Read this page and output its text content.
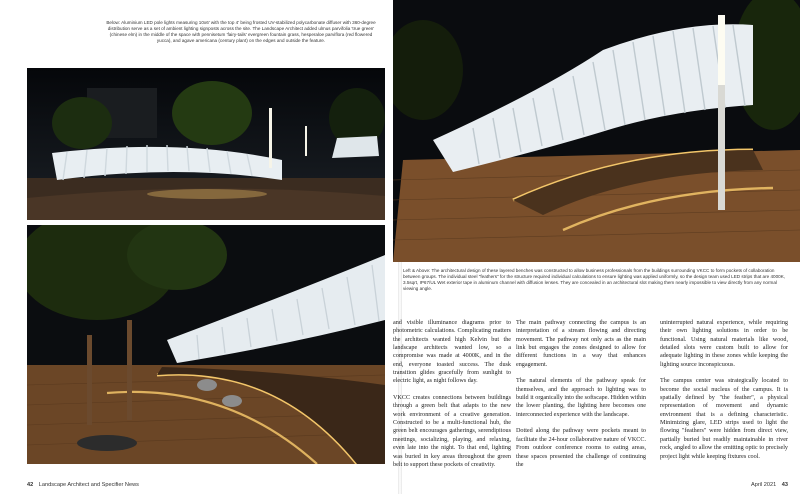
Below: Aluminium LED pole lights measuring 10x6' with the top 4' being frosted UV-stabilized polycarbonate diffuser with 360-degree distribution serve as a set of ambient lighting signposts across the site. The Landscape Architect added ulmus parvifolia 'true green' (chinese elm) in the middle of the space with pennisetum 'fairy-tails' evergreen fountain grass, hesperaloe parviflora (red flowered yucca), and agave americana (century plant) on the edges and outside the feature.
42 Landscape Architect and Specifier News
Left & Above: The architectural design of these layered benches was constructed to allow business professionals from the buildings surrounding VKCC to form pockets of collaboration between groups. The individual steel "feathers" for the structure required individual calculations to ensure lighting was applied uniformly, so the design team used LED strips that are 4000K, 3.5sqrt, IP67/UL Wet exterior tape in aluminum channel with diffusion lenses. They are concealed in an architectural slot making them nearly impossible to view directly from any normal viewing angle.
The main pathway connecting the campus is an interpretation of a stream flowing and directing movement. The pathway not only acts as the main link but engages the zones designed to allow for different functions in a way that enhances engagement.

The natural elements of the pathway speak for themselves, and the approach to lighting was to build it organically into the softscape. Hidden within the lower planting, the lighting here becomes one interconnected experience with the landscape.

Dotted along the pathway were pockets meant to facilitate the 24-hour collaborative nature of VKCC. From outdoor conference rooms to eating areas, these spaces presented the challenge of continuing the
uninterrupted natural experience, while requiring their own lighting solutions in order to be functional. Using natural materials like wood, detailed slots were custom built to allow for adequate lighting in these zones while keeping the lighting source inconspicuous.

The campus center was strategically located to become the social nucleus of the campus. It is spatially defined by "the feather", a physical representation of movement and dynamic environment that is a defining characteristic. Minimizing glare, LED strips used to light the flowing "feathers" were hidden from direct view, partially buried but readily maintainable in river rock, angled to allow the emitting optic to precisely project light while keeping fixtures cool.
April 2021 43
and visible illuminance diagrams prior to photometric calculations. Complicating matters the architects wanted high Kelvin but the landscape architects wanted low, so a compromise was made at 4000K, and in the end, everyone toasted success. The dusk transition glides gracefully from sunlight to electric light, as night follows day.

VKCC creates connections between buildings through a green belt that adapts to the new work environment of a creative generation. Constructed to be a multi-functional hub, the green belt encourages gatherings, serendipitous meetings, socializing, playing, and relaxing, even late into the night. To that end, lighting was buried in key areas throughout the green belt to support these pockets of creativity.
